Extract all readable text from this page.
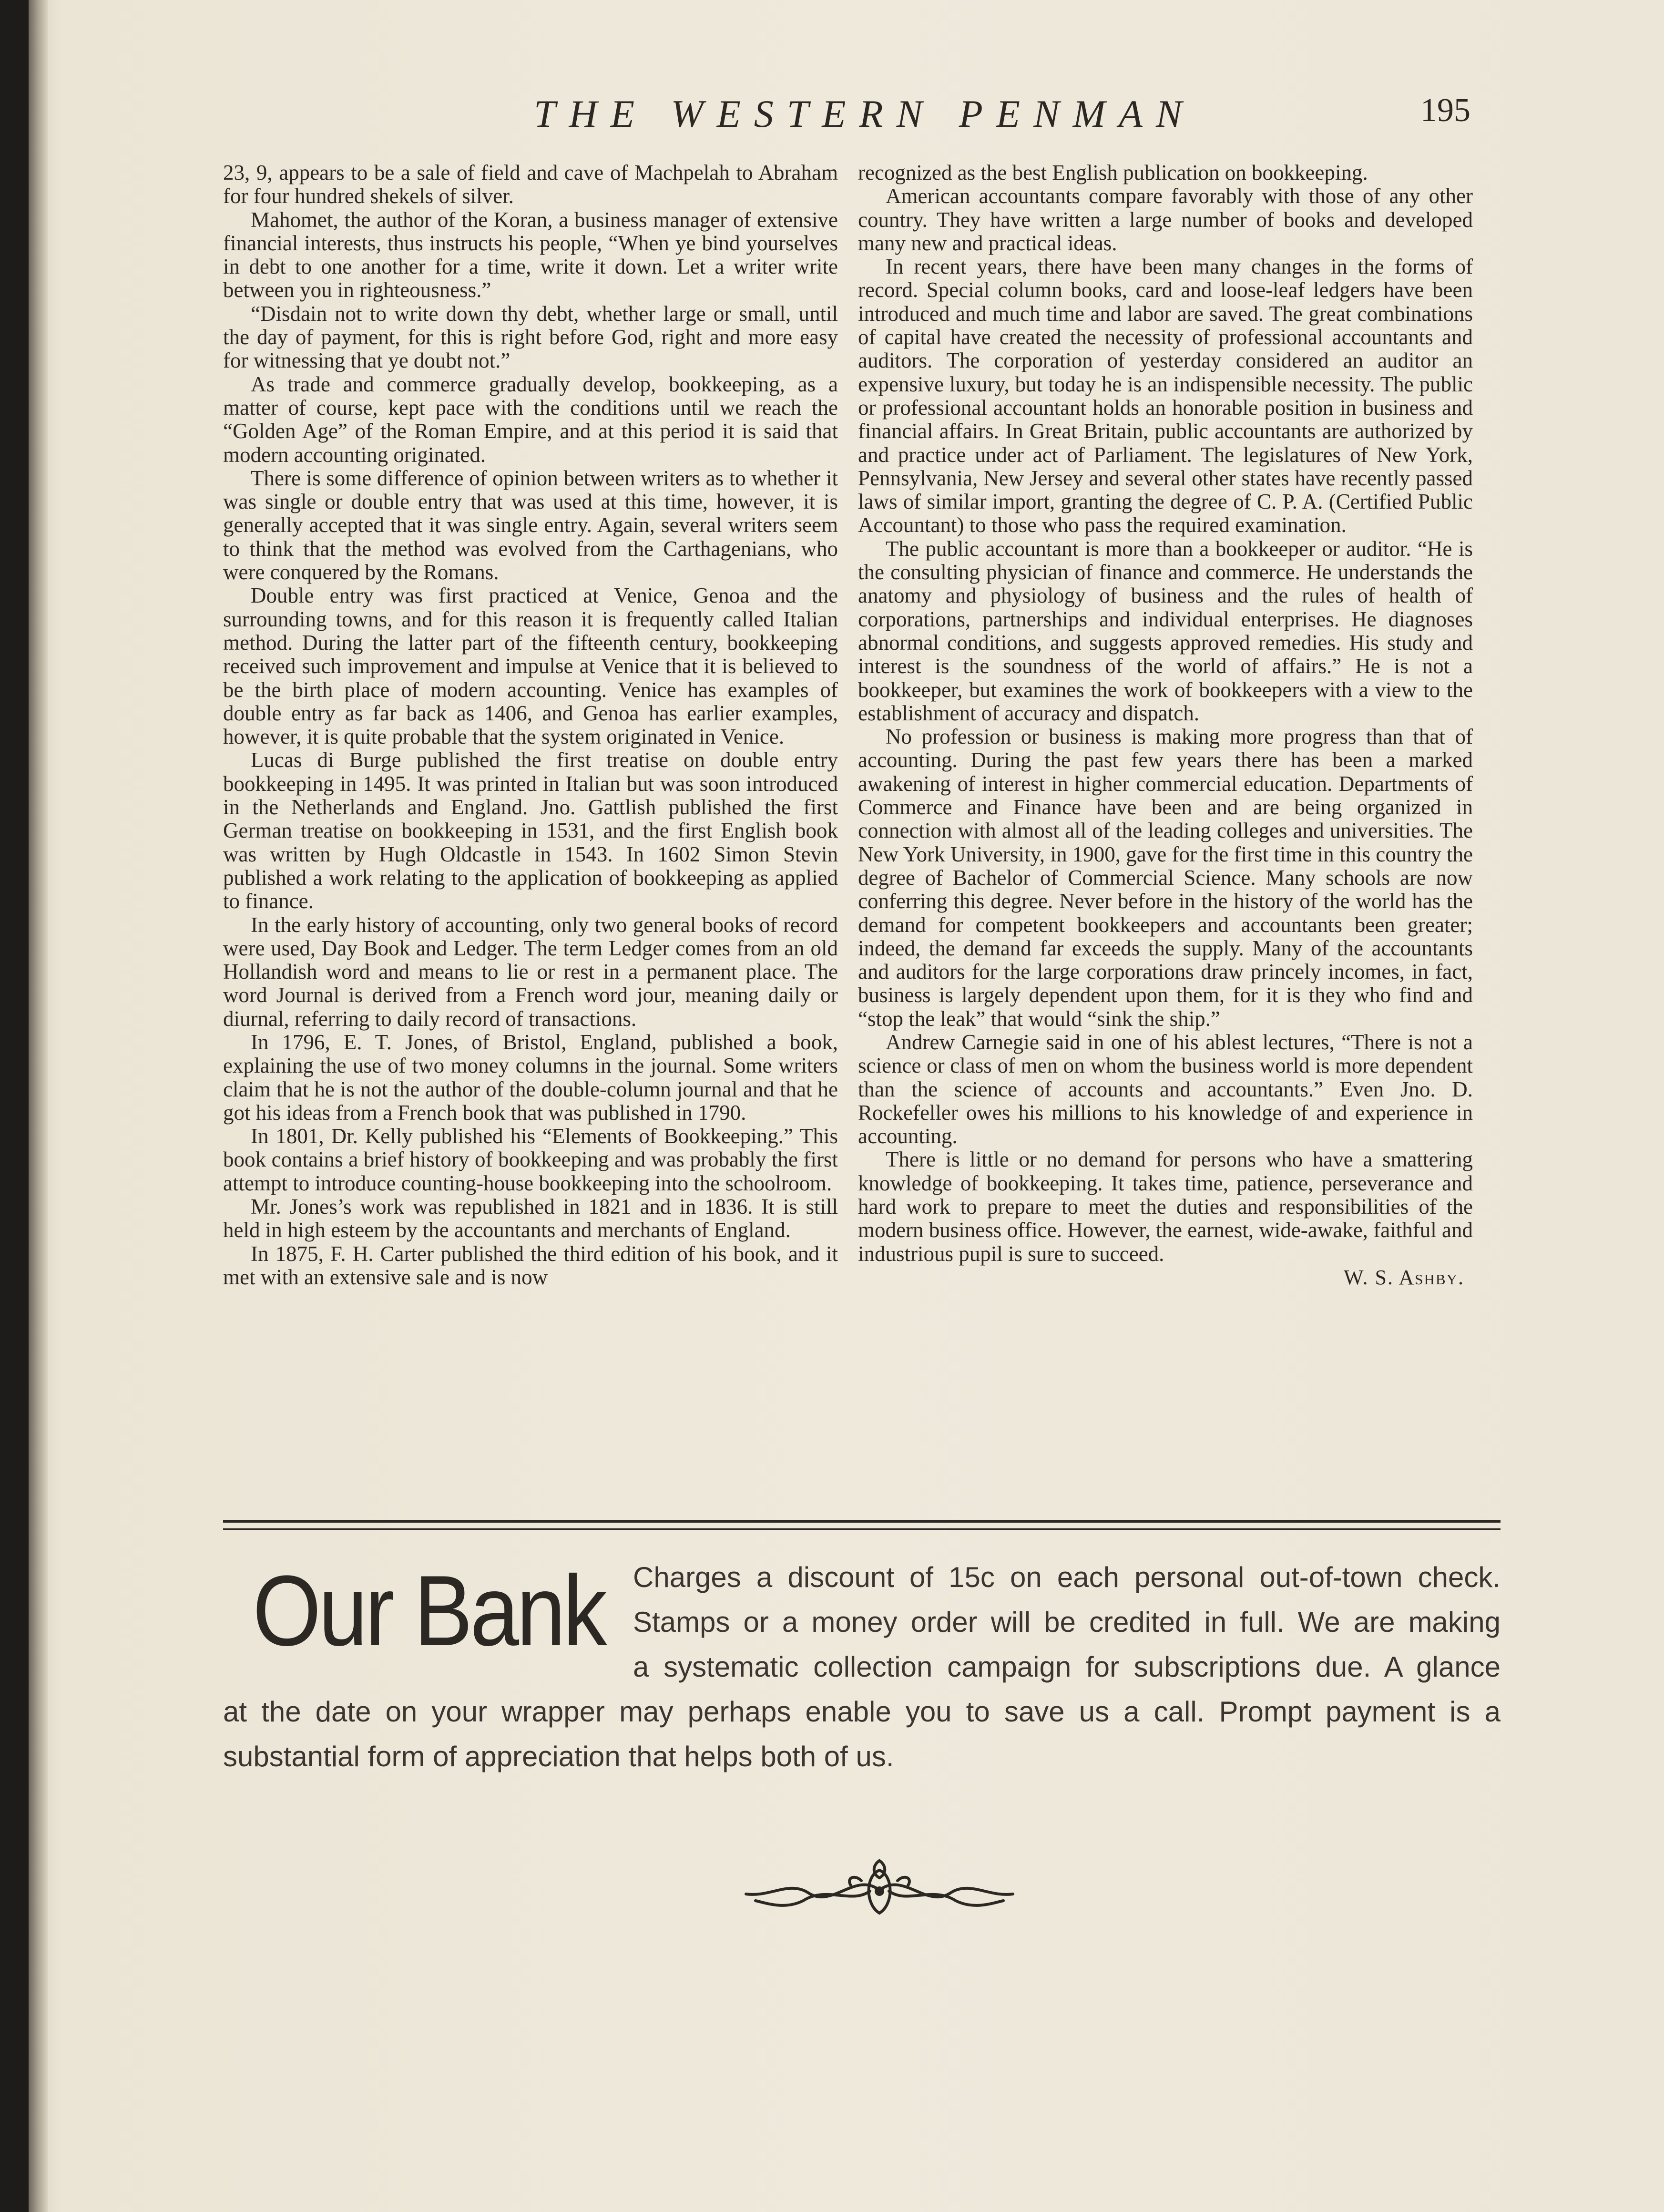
THE WESTERN PENMAN	195

23, 9, appears to be a sale of field and cave of Machpelah to Abraham for four hundred shekels of silver.

Mahomet, the author of the Koran, a business manager of extensive financial interests, thus instructs his people, “When ye bind yourselves in debt to one another for a time, write it down. Let a writer write between you in righteousness.”

“Disdain not to write down thy debt, whether large or small, until the day of payment, for this is right before God, right and more easy for witnessing that ye doubt not.”

As trade and commerce gradually develop, bookkeeping, as a matter of course, kept pace with the conditions until we reach the “Golden Age” of the Roman Empire, and at this period it is said that modern accounting originated.

There is some difference of opinion between writers as to whether it was single or double entry that was used at this time, however, it is generally accepted that it was single entry. Again, several writers seem to think that the method was evolved from the Carthagenians, who were conquered by the Romans.

Double entry was first practiced at Venice, Genoa and the surrounding towns, and for this reason it is frequently called Italian method. During the latter part of the fifteenth century, bookkeeping received such improvement and impulse at Venice that it is believed to be the birth place of modern accounting. Venice has examples of double entry as far back as 1406, and Genoa has earlier examples, however, it is quite probable that the system originated in Venice.

Lucas di Burge published the first treatise on double entry bookkeeping in 1495. It was printed in Italian but was soon introduced in the Netherlands and England. Jno. Gattlish published the first German treatise on bookkeeping in 1531, and the first English book was written by Hugh Oldcastle in 1543. In 1602 Simon Stevin published a work relating to the application of bookkeeping as applied to finance.

In the early history of accounting, only two general books of record were used, Day Book and Ledger. The term Ledger comes from an old Hollandish word and means to lie or rest in a permanent place. The word Journal is derived from a French word jour, meaning daily or diurnal, referring to daily record of transactions.

In 1796, E. T. Jones, of Bristol, England, published a book, explaining the use of two money columns in the journal. Some writers claim that he is not the author of the double-column journal and that he got his ideas from a French book that was published in 1790.

In 1801, Dr. Kelly published his “Elements of Bookkeeping.” This book contains a brief history of bookkeeping and was probably the first attempt to introduce counting-house bookkeeping into the schoolroom.

Mr. Jones’s work was republished in 1821 and in 1836. It is still held in high esteem by the accountants and merchants of England.

In 1875, F. H. Carter published the third edition of his book, and it met with an extensive sale and is now

recognized as the best English publication on bookkeeping.

American accountants compare favorably with those of any other country. They have written a large number of books and developed many new and practical ideas.

In recent years, there have been many changes in the forms of record. Special column books, card and loose-leaf ledgers have been introduced and much time and labor are saved. The great combinations of capital have created the necessity of professional accountants and auditors. The corporation of yesterday considered an auditor an expensive luxury, but today he is an indispensible necessity. The public or professional accountant holds an honorable position in business and financial affairs. In Great Britain, public accountants are authorized by and practice under act of Parliament. The legislatures of New York, Pennsylvania, New Jersey and several other states have recently passed laws of similar import, granting the degree of C. P. A. (Certified Public Accountant) to those who pass the required examination.

The public accountant is more than a bookkeeper or auditor. “He is the consulting physician of finance and commerce. He understands the anatomy and physiology of business and the rules of health of corporations, partnerships and individual enterprises. He diagnoses abnormal conditions, and suggests approved remedies. His study and interest is the soundness of the world of affairs.” He is not a bookkeeper, but examines the work of bookkeepers with a view to the establishment of accuracy and dispatch.

No profession or business is making more progress than that of accounting. During the past few years there has been a marked awakening of interest in higher commercial education. Departments of Commerce and Finance have been and are being organized in connection with almost all of the leading colleges and universities. The New York University, in 1900, gave for the first time in this country the degree of Bachelor of Commercial Science. Many schools are now conferring this degree. Never before in the history of the world has the demand for competent bookkeepers and accountants been greater; indeed, the demand far exceeds the supply. Many of the accountants and auditors for the large corporations draw princely incomes, in fact, business is largely dependent upon them, for it is they who find and “stop the leak” that would “sink the ship.”

Andrew Carnegie said in one of his ablest lectures, “There is not a science or class of men on whom the business world is more dependent than the science of accounts and accountants.” Even Jno. D. Rockefeller owes his millions to his knowledge of and experience in accounting.

There is little or no demand for persons who have a smattering knowledge of bookkeeping. It takes time, patience, perseverance and hard work to prepare to meet the duties and responsibilities of the modern business office. However, the earnest, wide-awake, faithful and industrious pupil is sure to succeed.

W. S. Ashby.
Our Bank Charges a discount of 15c on each personal out-of-town check.
Stamps or a money order will be credited in full. We are making
a systematic collection campaign for subscriptions due. A glance
at the date on your wrapper may perhaps enable you to save us a call. Prompt payment is a
substantial form of appreciation that helps both of us.
